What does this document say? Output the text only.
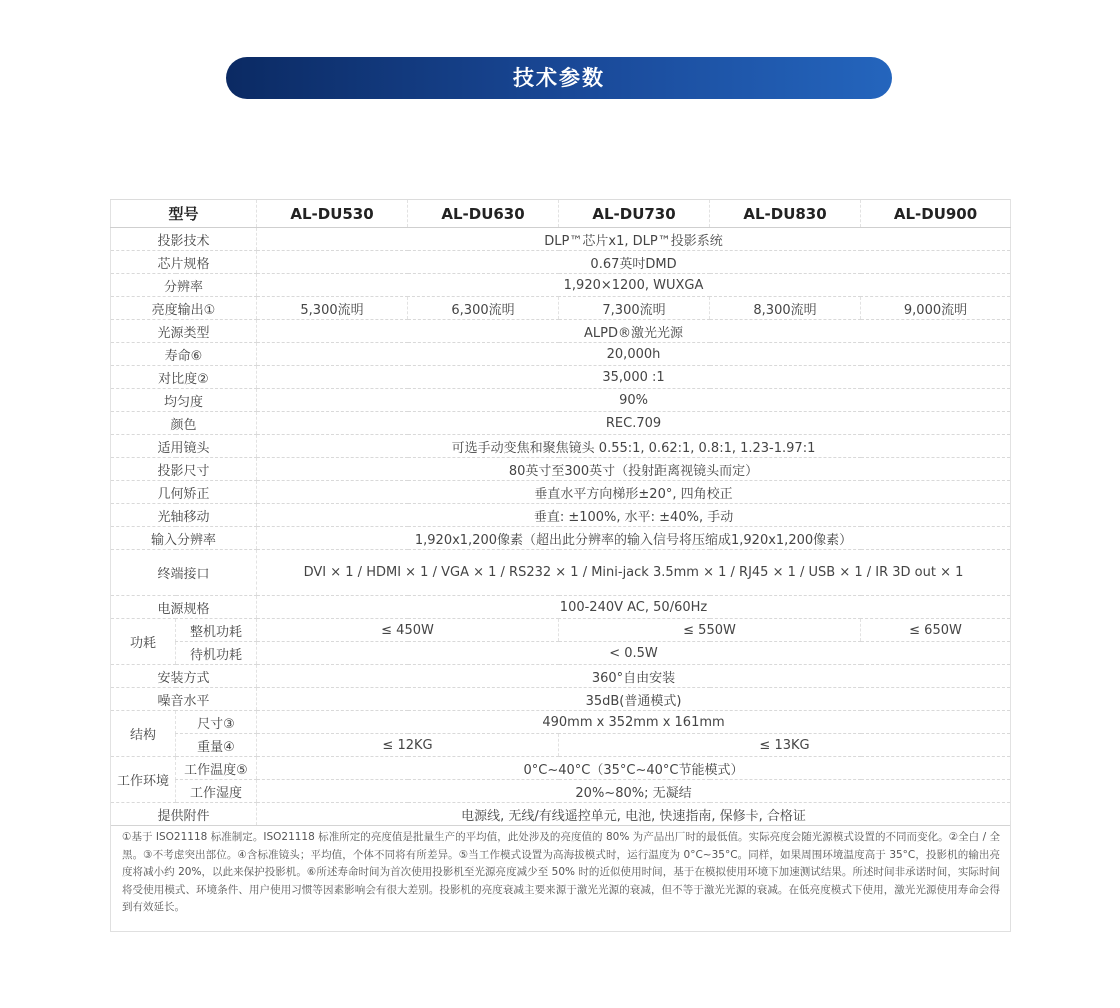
技术参数
型号		AL-DU530	AL-DU630	AL-DU730	AL-DU830	AL-DU900
投影技术		DLP™芯片x1, DLP™投影系统				
芯片规格		0.67英吋DMD				
分辨率		1,920×1200, WUXGA				
亮度输出①		5,300流明	6,300流明	7,300流明	8,300流明	9,000流明
光源类型		ALPD®激光光源				
寿命⑥		20,000h				
对比度②		35,000 :1				
均匀度		90%				
颜色		REC.709				
适用镜头		可选手动变焦和聚焦镜头 0.55:1, 0.62:1, 0.8:1, 1.23-1.97:1				
投影尺寸		80英寸至300英寸（投射距离视镜头而定）				
几何矫正		垂直水平方向梯形±20°, 四角校正				
光轴移动		垂直: ±100%, 水平: ±40%, 手动				
输入分辨率		1,920x1,200像素（超出此分辨率的输入信号将压缩成1,920x1,200像素）				
终端接口		DVI × 1 / HDMI × 1 / VGA × 1 / RS232 × 1 / Mini-jack 3.5mm × 1 / RJ45 × 1 / USB × 1 / IR 3D out × 1				
电源规格		100-240V AC, 50/60Hz				
功耗	整机功耗	≤ 450W		≤ 550W		≤ 650W
	待机功耗	< 0.5W				
安装方式		360°自由安装				
噪音水平		35dB(普通模式)				
结构	尺寸③	490mm x 352mm x 161mm				
	重量④	≤ 12KG		≤ 13KG		
工作环境	工作温度⑤	0°C~40°C（35°C~40°C节能模式）				
	工作湿度	20%~80%; 无凝结				
提供附件		电源线, 无线/有线遥控单元, 电池, 快速指南, 保修卡, 合格证				
①基于 ISO21118 标准制定。ISO21118 标准所定的亮度值是批量生产的平均值，此处涉及的亮度值的 80% 为产品出厂时的最低值。实际亮度会随光源模式设置的不同而变化。②全白 / 全黑。③不考虑突出部位。④含标准镜头；平均值，个体不同将有所差异。⑤当工作模式设置为高海拔模式时，运行温度为 0°C~35°C。同样，如果周围环境温度高于 35°C，投影机的输出亮度将减小约 20%，以此来保护投影机。⑥所述寿命时间为首次使用投影机至光源亮度减少至 50% 时的近似使用时间，基于在模拟使用环境下加速测试结果。所述时间非承诺时间，实际时间将受使用模式、环境条件、用户使用习惯等因素影响会有很大差别。投影机的亮度衰减主要来源于激光光源的衰减，但不等于激光光源的衰减。在低亮度模式下使用，激光光源使用寿命会得到有效延长。
